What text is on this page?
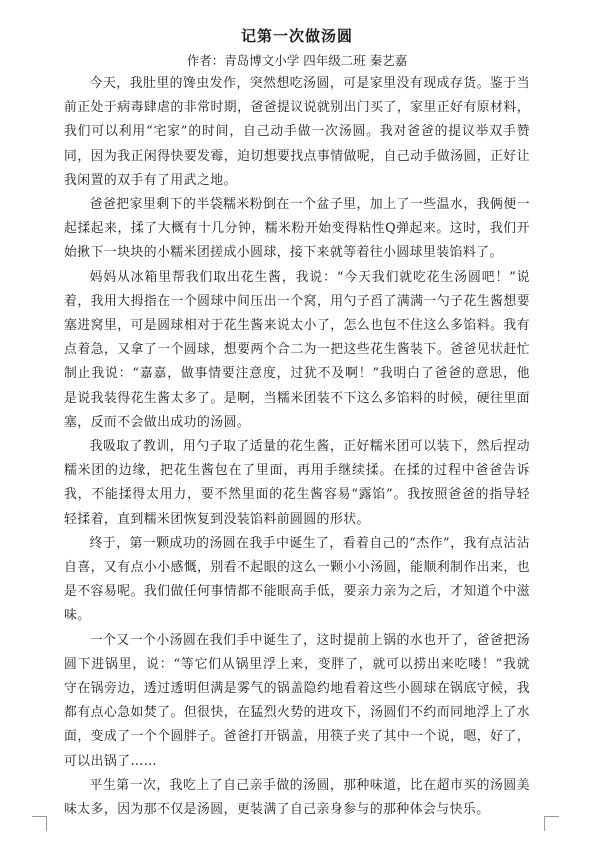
记第一次做汤圆
作者：青岛博文小学 四年级二班 秦艺嘉

今天，我肚里的馋虫发作，突然想吃汤圆，可是家里没有现成存货。鉴于当前正处于病毒肆虐的非常时期，爸爸提议说就别出门买了，家里正好有原材料，我们可以利用“宅家”的时间，自己动手做一次汤圆。我对爸爸的提议举双手赞同，因为我正闲得快要发霉，迫切想要找点事情做呢，自己动手做汤圆，正好让我闲置的双手有了用武之地。

爸爸把家里剩下的半袋糯米粉倒在一个盆子里，加上了一些温水，我俩便一起揉起来，揉了大概有十几分钟，糯米粉开始变得粘性Q弹起来。这时，我们开始揪下一块块的小糯米团搓成小圆球，接下来就等着往小圆球里装馅料了。

妈妈从冰箱里帮我们取出花生酱，我说：“今天我们就吃花生汤圆吧！”说着，我用大拇指在一个圆球中间压出一个窝，用勺子舀了满满一勺子花生酱想要塞进窝里，可是圆球相对于花生酱来说太小了，怎么也包不住这么多馅料。我有点着急，又拿了一个圆球，想要两个合二为一把这些花生酱装下。爸爸见状赶忙制止我说：“嘉嘉，做事情要注意度，过犹不及啊！”我明白了爸爸的意思，他是说我装得花生酱太多了。是啊，当糯米团装不下这么多馅料的时候，硬往里面塞，反而不会做出成功的汤圆。

我吸取了教训，用勺子取了适量的花生酱，正好糯米团可以装下，然后捏动糯米团的边缘，把花生酱包在了里面，再用手继续揉。在揉的过程中爸爸告诉我，不能揉得太用力，要不然里面的花生酱容易“露馅”。我按照爸爸的指导轻轻揉着，直到糯米团恢复到没装馅料前圆圆的形状。

终于，第一颗成功的汤圆在我手中诞生了，看着自己的“杰作”，我有点沾沾自喜，又有点小小感慨，别看不起眼的这么一颗小小汤圆，能顺利制作出来，也是不容易呢。我们做任何事情都不能眼高手低，要亲力亲为之后，才知道个中滋味。

一个又一个小汤圆在我们手中诞生了，这时提前上锅的水也开了，爸爸把汤圆下进锅里，说：“等它们从锅里浮上来，变胖了，就可以捞出来吃喽！”我就守在锅旁边，透过透明但满是雾气的锅盖隐约地看着这些小圆球在锅底守候，我都有点心急如焚了。但很快，在猛烈火势的进攻下，汤圆们不约而同地浮上了水面，变成了一个个圆胖子。爸爸打开锅盖，用筷子夹了其中一个说，嗯，好了，可以出锅了……

平生第一次，我吃上了自己亲手做的汤圆，那种味道，比在超市买的汤圆美味太多，因为那不仅是汤圆，更装满了自己亲身参与的那种体会与快乐。
